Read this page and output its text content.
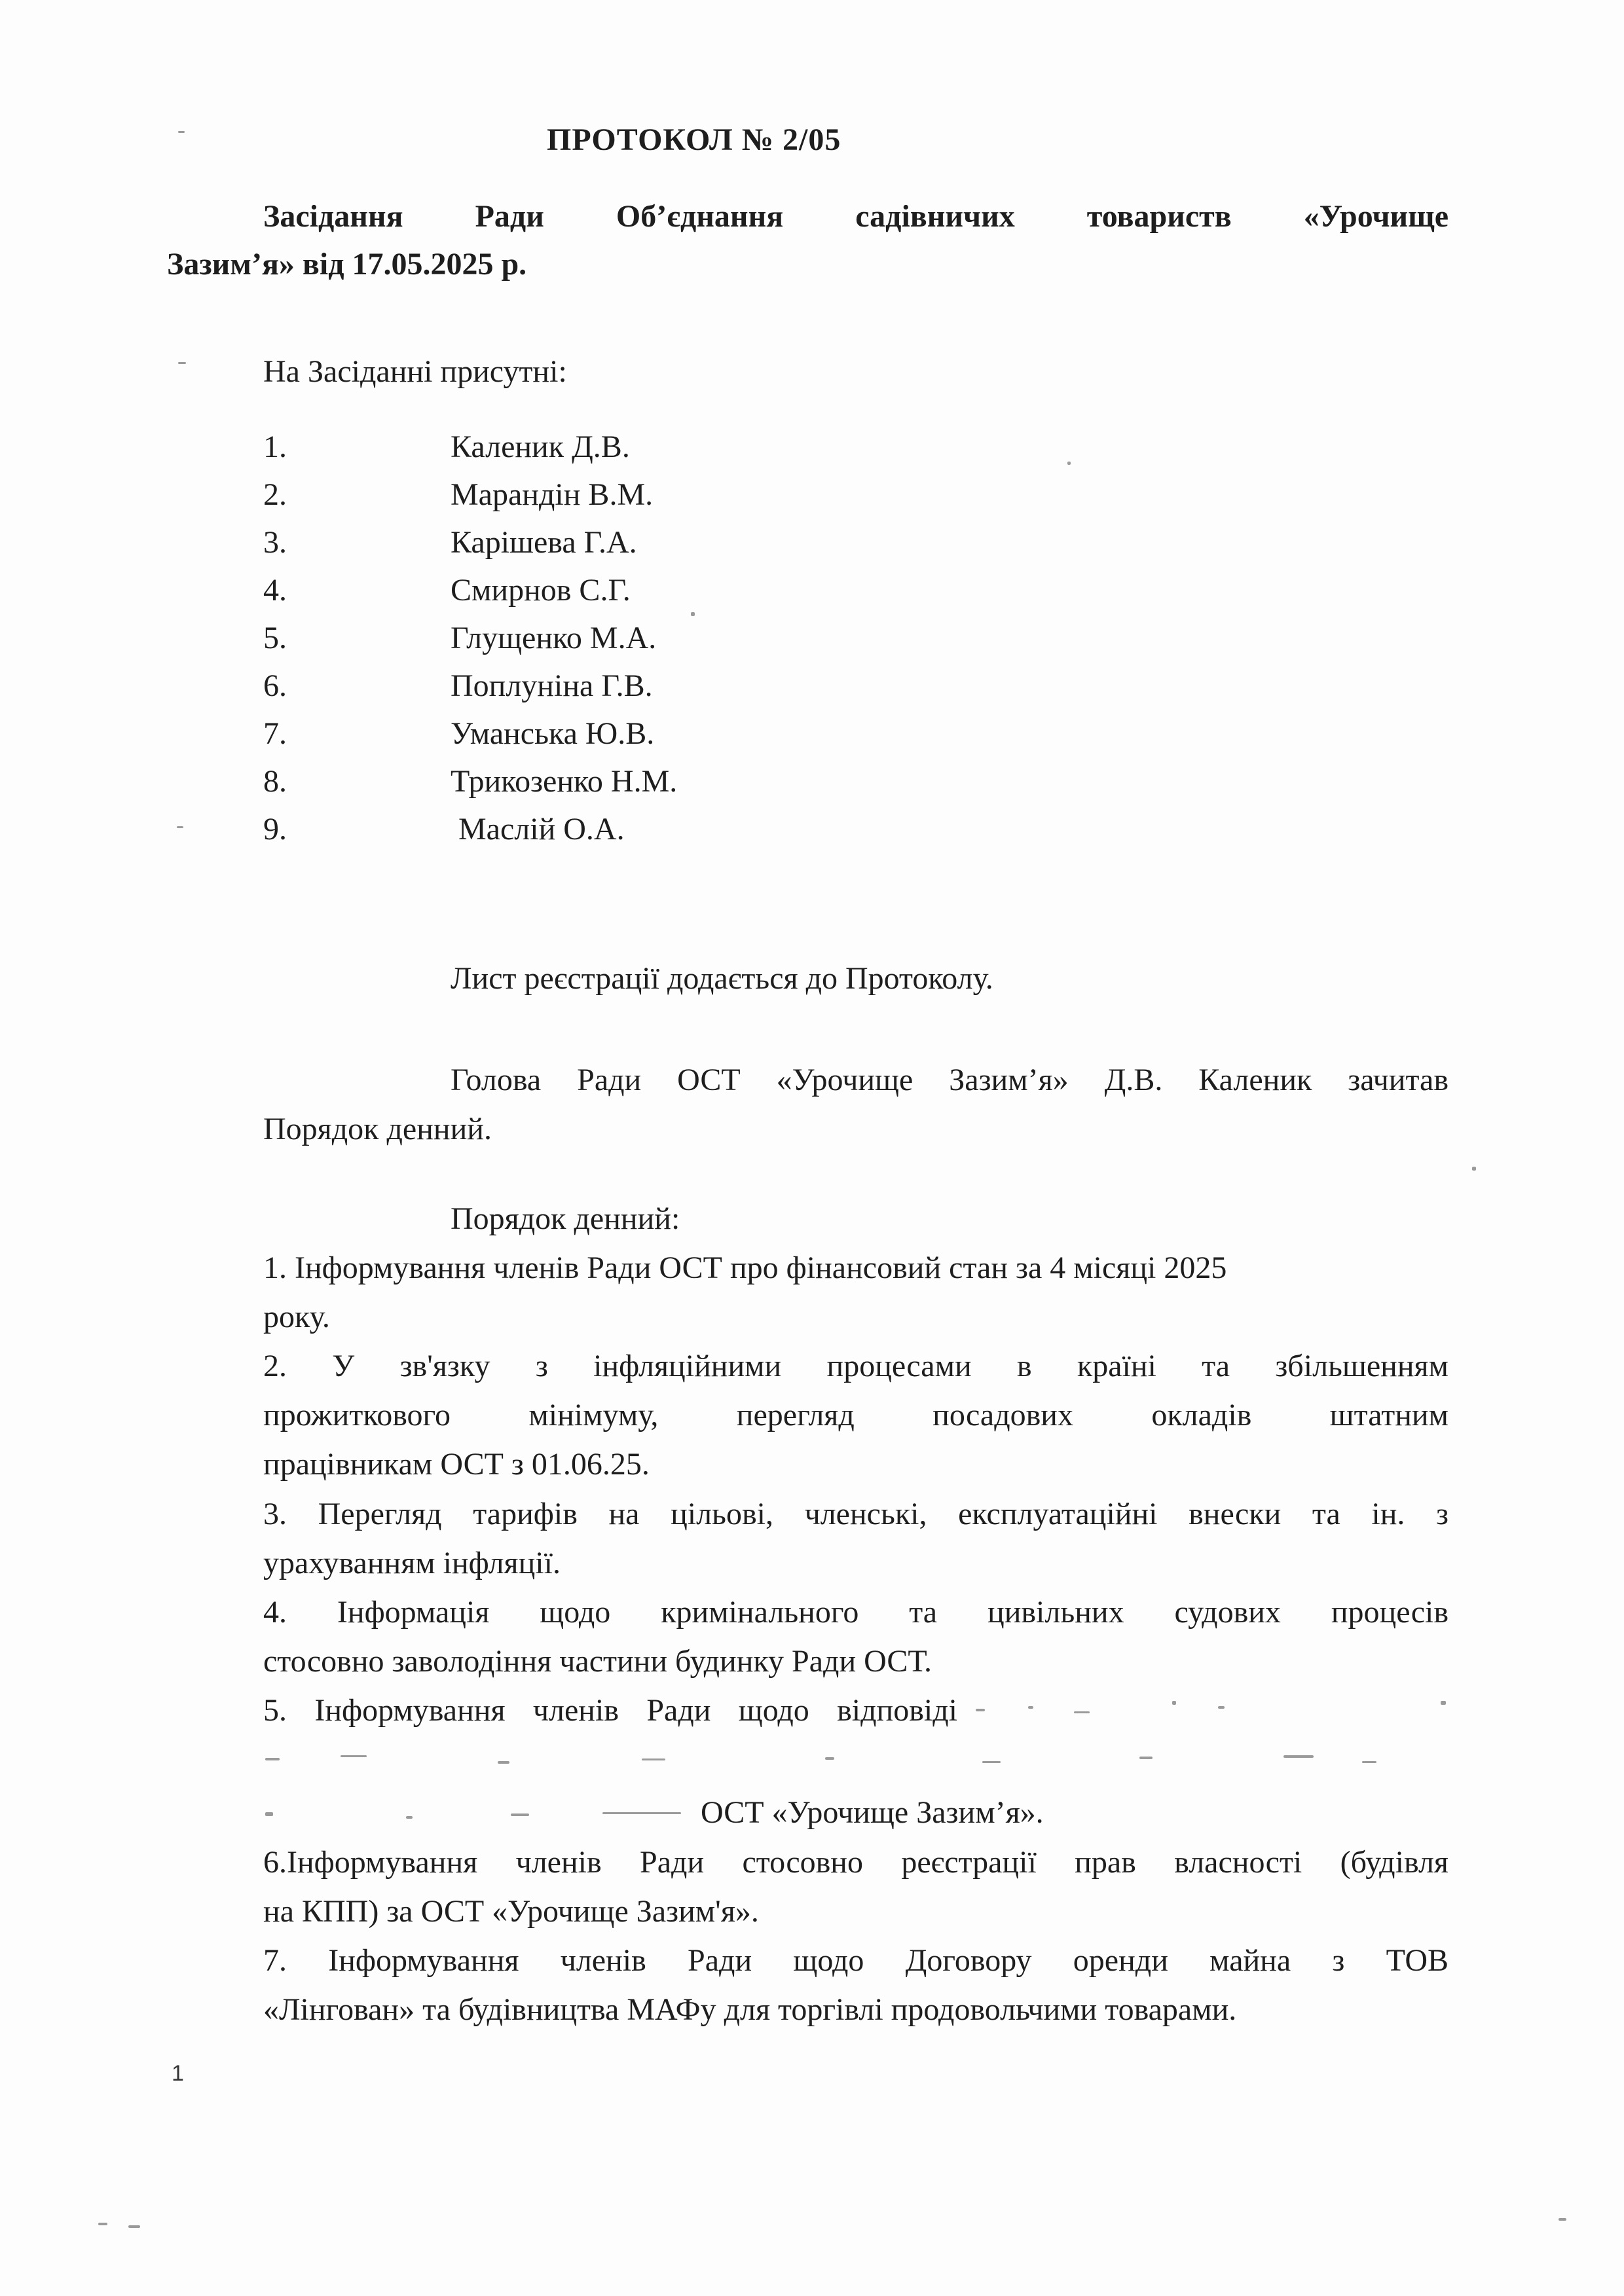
ПРОТОКОЛ № 2/05
Засідання Ради Об’єднання садівничих товариств «Урочище
Зазим’я» від 17.05.2025 р.
На Засіданні присутні:
1.	Каленик Д.В.
2.	Марандін В.М.
3.	Карішева Г.А.
4.	Смирнов С.Г.
5.	Глущенко М.А.
6.	Поплуніна Г.В.
7.	Уманська Ю.В.
8.	Трикозенко Н.М.
9.	Маслій О.А.
Лист реєстрації додається до Протоколу.
Голова Ради ОСТ «Урочище Зазим’я» Д.В. Каленик зачитав
Порядок денний.
Порядок денний:
1. Інформування членів Ради ОСТ про фінансовий стан за 4 місяці 2025
року.
2. У зв'язку з інфляційними процесами в країні та збільшенням
прожиткового мінімуму, перегляд посадових окладів штатним
працівникам ОСТ з 01.06.25.
3. Перегляд тарифів на цільові, членські, експлуатаційні внески та ін. з
урахуванням інфляції.
4. Інформація щодо кримінального та цивільних судових процесів
стосовно заволодіння частини будинку Ради ОСТ.
5. Інформування членів Ради щодо відповіді
ОСТ «Урочище Зазим’я».
6.Інформування членів Ради стосовно реєстрації прав власності (будівля
на КПП) за ОСТ «Урочище Зазим'я».
7. Інформування членів Ради щодо Договору оренди майна з ТОВ
«Лінгован» та будівництва МАФу для торгівлі продовольчими товарами.
1
